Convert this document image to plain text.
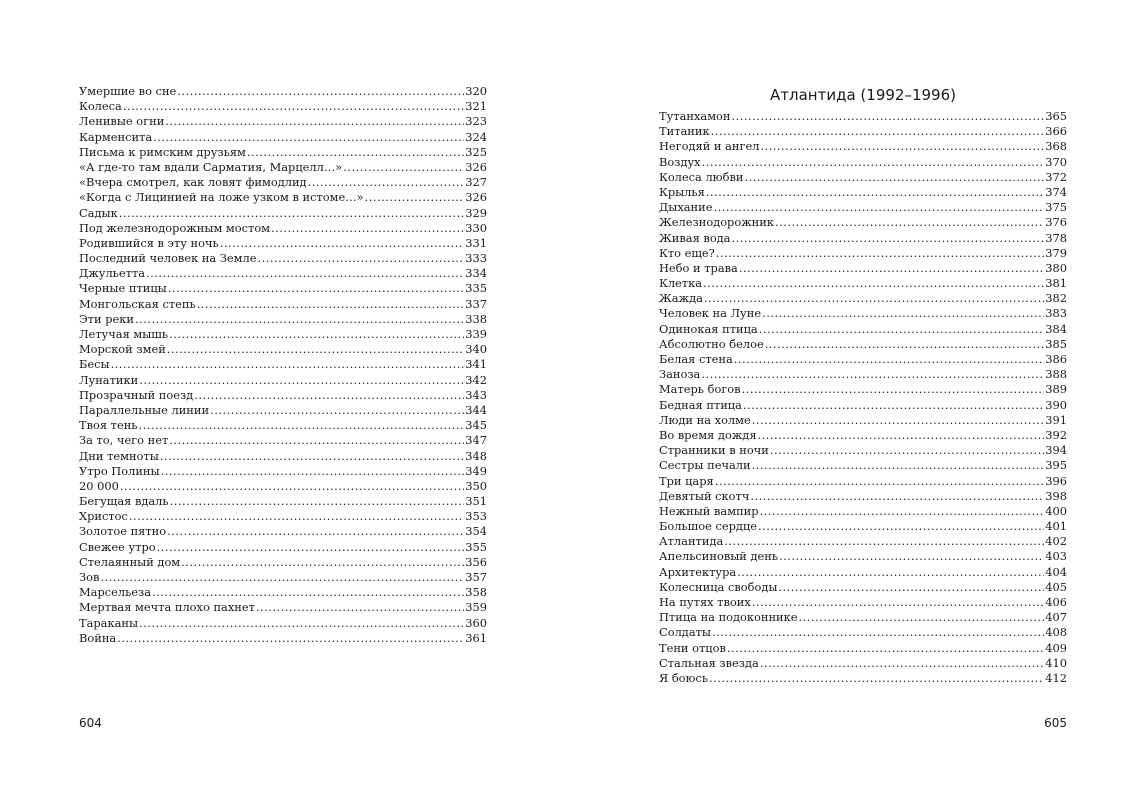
Умершие во сне .....	320
Колеса .....	321
Ленивые огни .....	323
Карменсита .....	324
Письма к римским друзьям .....	325
«А где-то там вдали Сарматия, Марцелл…» .....	326
«Вчера смотрел, как ловят фимодлид .....	327
«Когда с Лицинией на ложе узком в истоме…» .....	326
Садык .....	329
Под железнодорожным мостом .....	330
Родившийся в эту ночь .....	331
Последний человек на Земле .....	333
Джульетта .....	334
Черные птицы .....	335
Монгольская степь .....	337
Эти реки .....	338
Летучая мышь .....	339
Морской змей .....	340
Бесы .....	341
Лунатики .....	342
Прозрачный поезд .....	343
Параллельные линии .....	344
Твоя тень .....	345
За то, чего нет .....	347
Дни темноты .....	348
Утро Полины .....	349
20 000 .....	350
Бегущая вдаль .....	351
Христос .....	353
Золотое пятно .....	354
Свежее утро .....	355
Стелаянный дом .....	356
Зов .....	357
Марсельеза .....	358
Мертвая мечта плохо пахнет .....	359
Тараканы .....	360
Война .....	361
604
Атлантида (1992–1996)
Тутанхамон .....	365
Титаник .....	366
Негодяй и ангел .....	368
Воздух .....	370
Колеса любви .....	372
Крылья .....	374
Дыхание .....	375
Железнодорожник .....	376
Живая вода .....	378
Кто еще? .....	379
Небо и трава .....	380
Клетка .....	381
Жажда .....	382
Человек на Луне .....	383
Одинокая птица .....	384
Абсолютно белое .....	385
Белая стена .....	386
Заноза .....	388
Матерь богов .....	389
Бедная птица .....	390
Люди на холме .....	391
Во время дождя .....	392
Странники в ночи .....	394
Сестры печали .....	395
Три царя .....	396
Девятый скотч .....	398
Нежный вампир .....	400
Большое сердце .....	401
Атлантида .....	402
Апельсиновый день .....	403
Архитектура .....	404
Колесница свободы .....	405
На путях твоих .....	406
Птица на подоконнике .....	407
Солдаты .....	408
Тени отцов .....	409
Стальная звезда .....	410
Я боюсь .....	412
605
